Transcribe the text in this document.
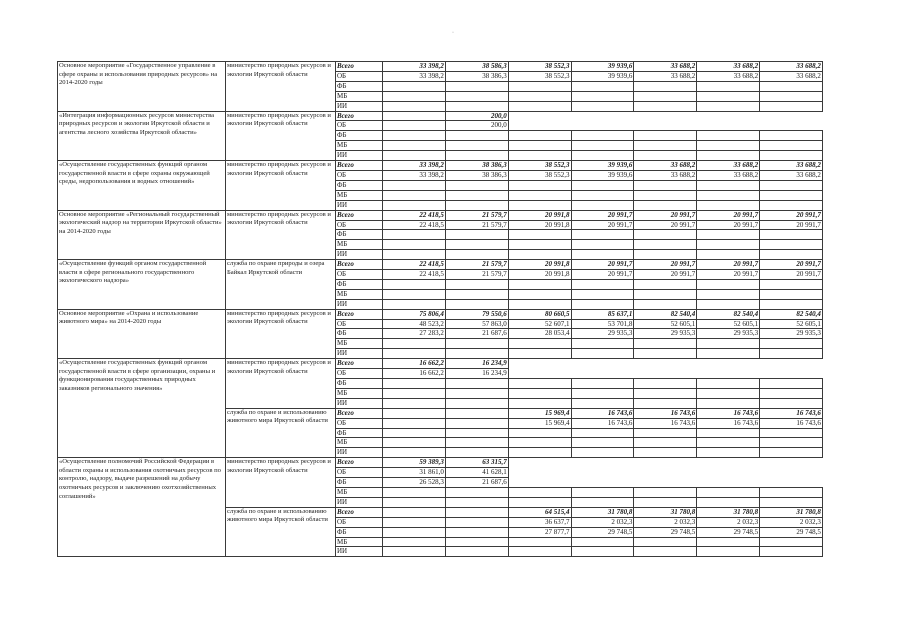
·
Основное мероприятие «Государственное управление в сфере охраны и использования природных ресурсов» на 2014-2020 годы	министерство природных ресурсов и экологии Иркутской области	Всего	33 398,2	38 586,3	38 552,3	39 939,6	33 688,2	33 688,2	33 688,2
		ОБ	33 398,2	38 386,3	38 552,3	39 939,6	33 688,2	33 688,2	33 688,2
		ФБ							
		МБ							
		ИИ							
«Интеграция информационных ресурсов министерства природных ресурсов и экологии Иркутской области и агентства лесного хозяйства Иркутской области»	министерство природных ресурсов и экологии Иркутской области	Всего		200,0					
		ОБ		200,0					
		ФБ							
		МБ							
		ИИ							
«Осуществление государственных функций органом государственной власти в сфере охраны окружающей среды, недропользования и водных отношений»	министерство природных ресурсов и экологии Иркутской области	Всего	33 398,2	38 386,3	38 552,3	39 939,6	33 688,2	33 688,2	33 688,2
		ОБ	33 398,2	38 386,3	38 552,3	39 939,6	33 688,2	33 688,2	33 688,2
		ФБ							
		МБ							
		ИИ							
Основное мероприятие «Региональный государственный экологический надзор на территории Иркутской области» на 2014-2020 годы	министерство природных ресурсов и экологии Иркутской области	Всего	22 418,5	21 579,7	20 991,8	20 991,7	20 991,7	20 991,7	20 991,7
		ОБ	22 418,5	21 579,7	20 991,8	20 991,7	20 991,7	20 991,7	20 991,7
		ФБ							
		МБ							
		ИИ							
«Осуществление функций органом государственной власти в сфере регионального государственного экологического надзора»	служба по охране природы и озера Байкал Иркутской области	Всего	22 418,5	21 579,7	20 991,8	20 991,7	20 991,7	20 991,7	20 991,7
		ОБ	22 418,5	21 579,7	20 991,8	20 991,7	20 991,7	20 991,7	20 991,7
		ФБ							
		МБ							
		ИИ							
Основное мероприятие «Охрана и использование животного мира» на 2014-2020 годы	министерство природных ресурсов и экологии Иркутской области	Всего	75 806,4	79 550,6	80 660,5	85 637,1	82 540,4	82 540,4	82 540,4
		ОБ	48 523,2	57 863,0	52 607,1	53 701,8	52 605,1	52 605,1	52 605,1
		ФБ	27 283,2	21 687,6	28 053,4	29 935,3	29 935,3	29 935,3	29 935,3
		МБ							
		ИИ							
«Осуществление государственных функций органом государственной власти в сфере организации, охраны и функционирования государственных природных заказников регионального значения»	министерство природных ресурсов и экологии Иркутской области	Всего	16 662,2	16 234,9					
		ОБ	16 662,2	16 234,9					
		ФБ							
		МБ							
		ИИ							
	служба по охране и использованию животного мира Иркутской области	Всего			15 969,4	16 743,6	16 743,6	16 743,6	16 743,6
		ОБ			15 969,4	16 743,6	16 743,6	16 743,6	16 743,6
		ФБ							
		МБ							
		ИИ							
«Осуществление полномочий Российской Федерации в области охраны и использования охотничьих ресурсов по контролю, надзору, выдаче разрешений на добычу охотничьих ресурсов и заключению охотхозяйственных соглашений»	министерство природных ресурсов и экологии Иркутской области	Всего	59 389,3	63 315,7					
		ОБ	31 861,0	41 628,1					
		ФБ	26 528,3	21 687,6					
		МБ							
		ИИ							
	служба по охране и использованию животного мира Иркутской области	Всего			64 515,4	31 780,8	31 780,8	31 780,8	31 780,8
		ОБ			36 637,7	2 032,3	2 032,3	2 032,3	2 032,3
		ФБ			27 877,7	29 748,5	29 748,5	29 748,5	29 748,5
		МБ							
		ИИ							
